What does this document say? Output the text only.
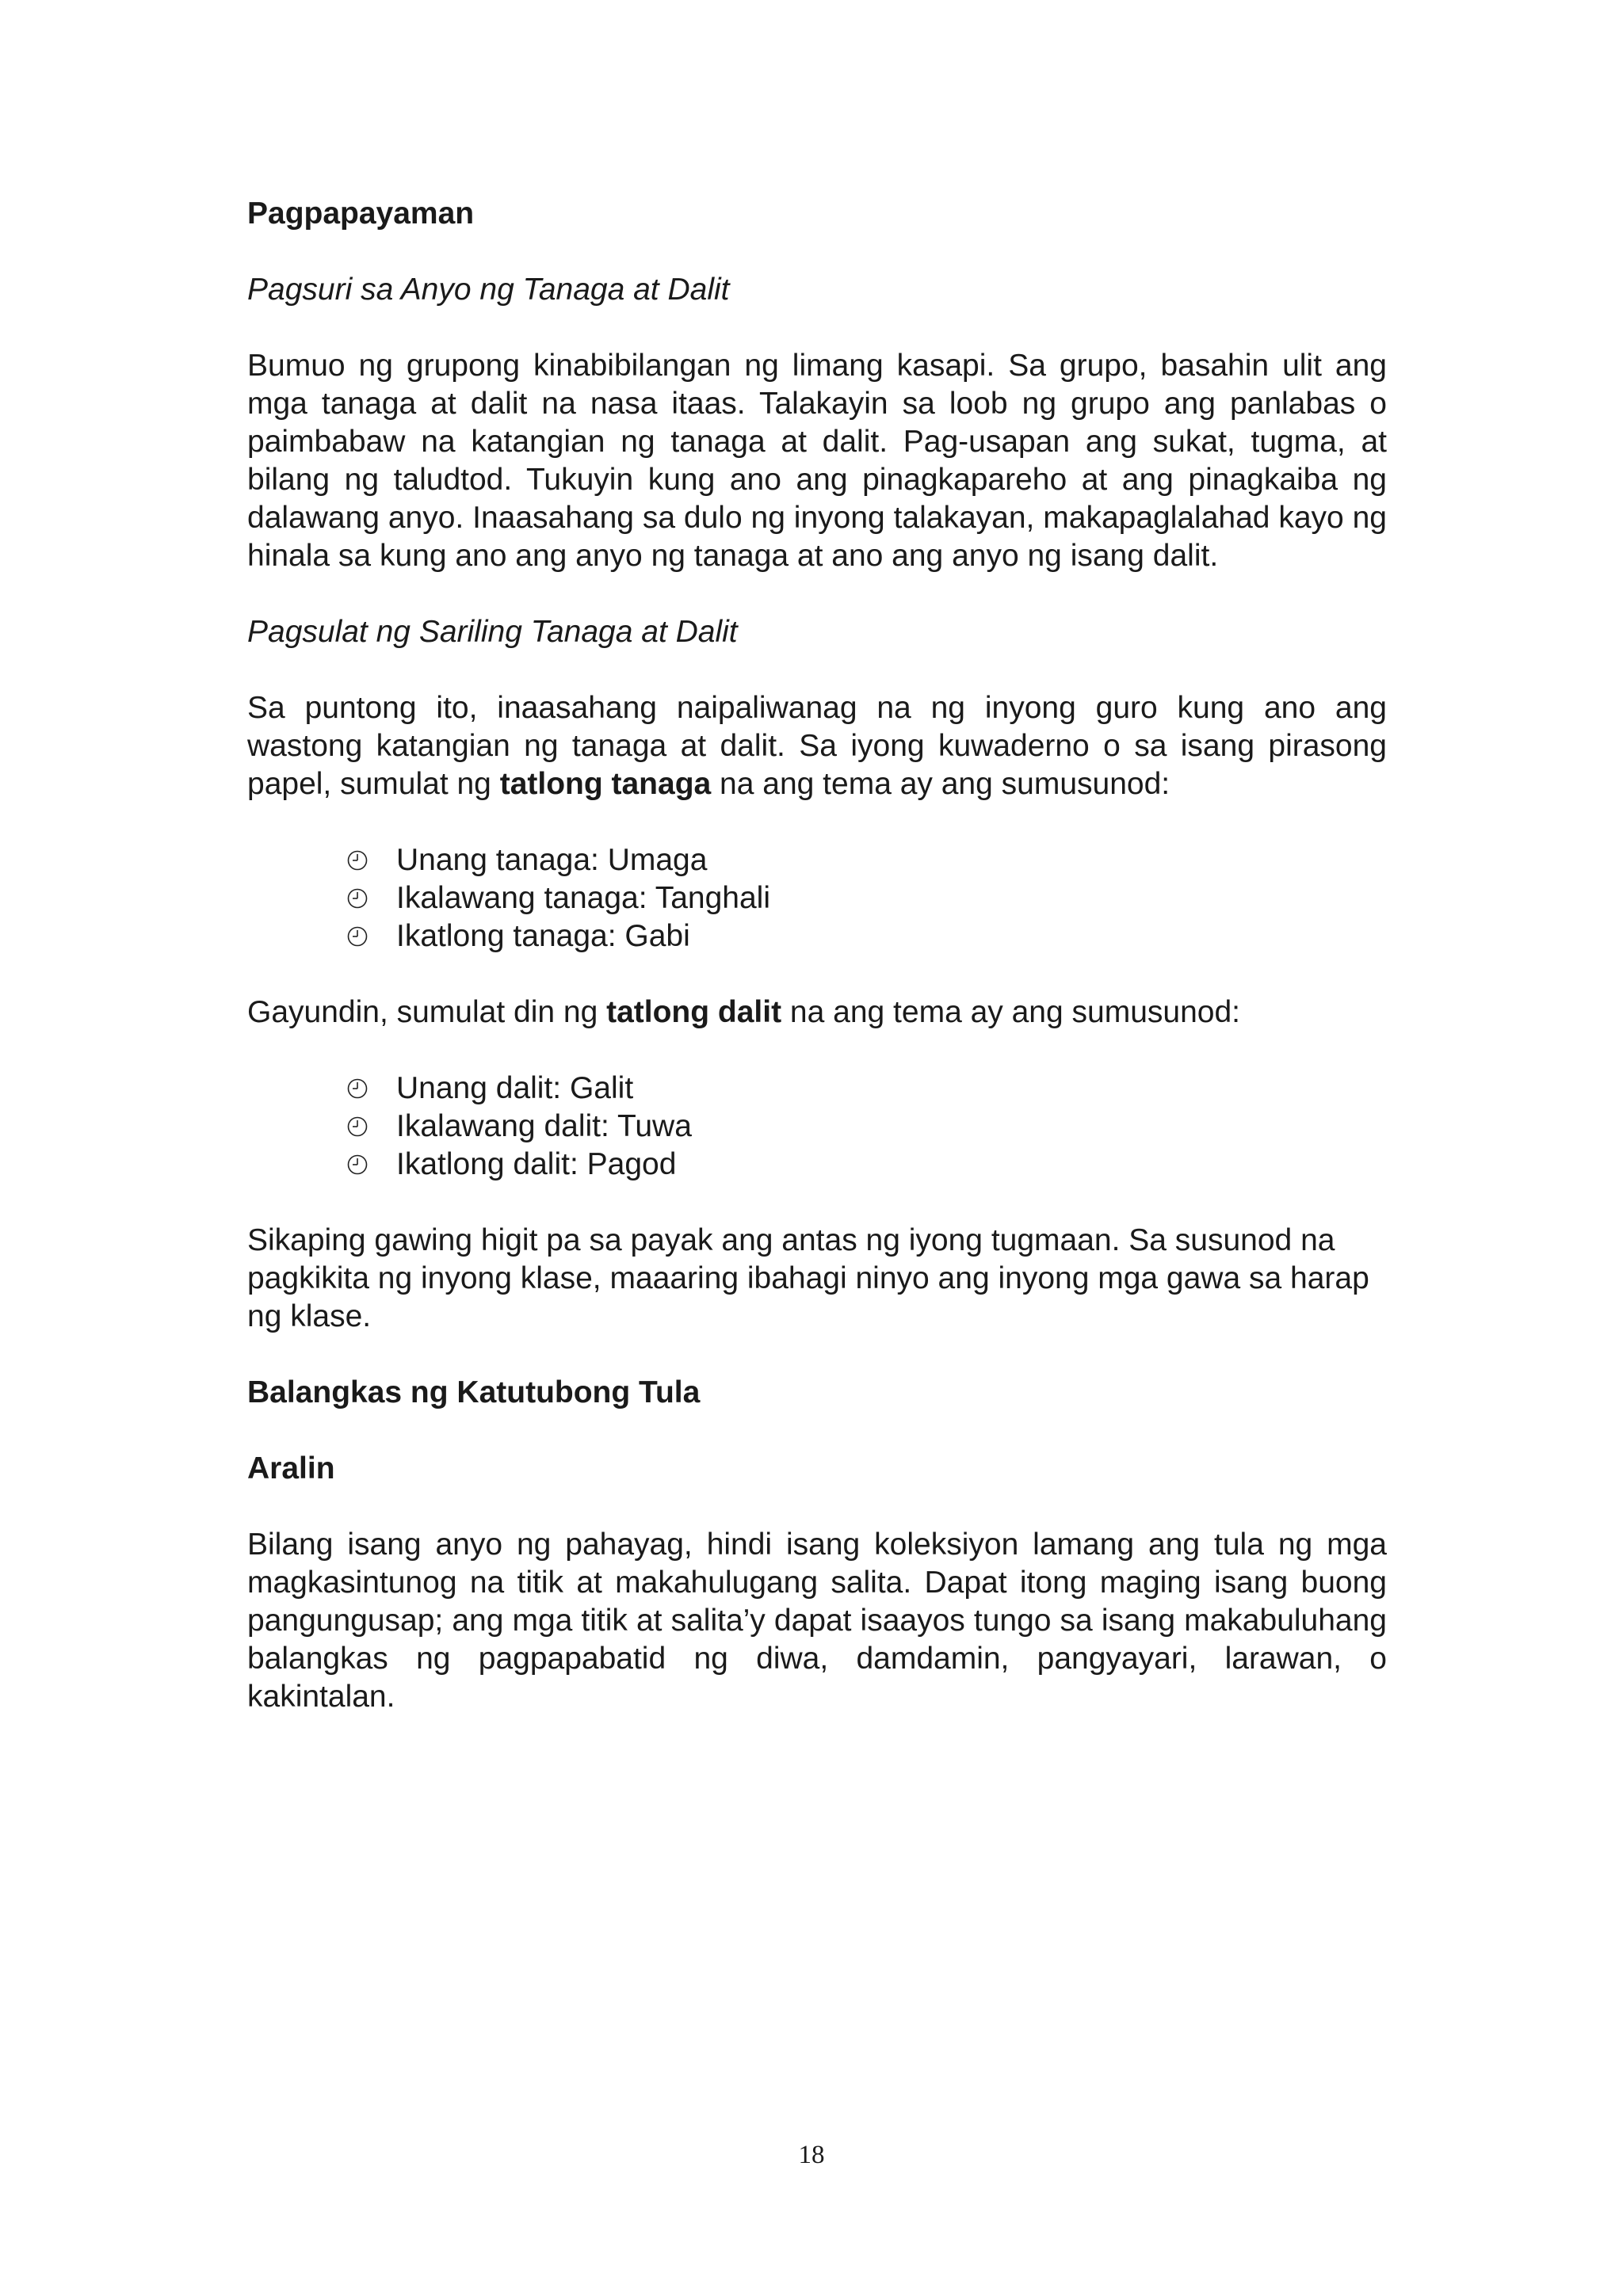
Pagpapayaman

Pagsuri sa Anyo ng Tanaga at Dalit

Bumuo ng grupong kinabibilangan ng limang kasapi. Sa grupo, basahin ulit ang mga tanaga at dalit na nasa itaas. Talakayin sa loob ng grupo ang panlabas o paimbabaw na katangian ng tanaga at dalit. Pag-usapan ang sukat, tugma, at bilang ng taludtod. Tukuyin kung ano ang pinagkapareho at ang pinagkaiba ng dalawang anyo. Inaasahang sa dulo ng inyong talakayan, makapaglalahad kayo ng hinala sa kung ano ang anyo ng tanaga at ano ang anyo ng isang dalit.

Pagsulat ng Sariling Tanaga at Dalit

Sa puntong ito, inaasahang naipaliwanag na ng inyong guro kung ano ang wastong katangian ng tanaga at dalit. Sa iyong kuwaderno o sa isang pirasong papel, sumulat ng tatlong tanaga na ang tema ay ang sumusunod:

Unang tanaga: Umaga
Ikalawang tanaga: Tanghali
Ikatlong tanaga: Gabi

Gayundin, sumulat din ng tatlong dalit na ang tema ay ang sumusunod:

Unang dalit: Galit
Ikalawang dalit: Tuwa
Ikatlong dalit: Pagod

Sikaping gawing higit pa sa payak ang antas ng iyong tugmaan. Sa susunod na pagkikita ng inyong klase, maaaring ibahagi ninyo ang inyong mga gawa sa harap ng klase.

Balangkas ng Katutubong Tula

Aralin

Bilang isang anyo ng pahayag, hindi isang koleksiyon lamang ang tula ng mga magkasintunog na titik at makahulugang salita. Dapat itong maging isang buong pangungusap; ang mga titik at salita’y dapat isaayos tungo sa isang makabuluhang balangkas ng pagpapabatid ng diwa, damdamin, pangyayari, larawan, o kakintalan.

18
